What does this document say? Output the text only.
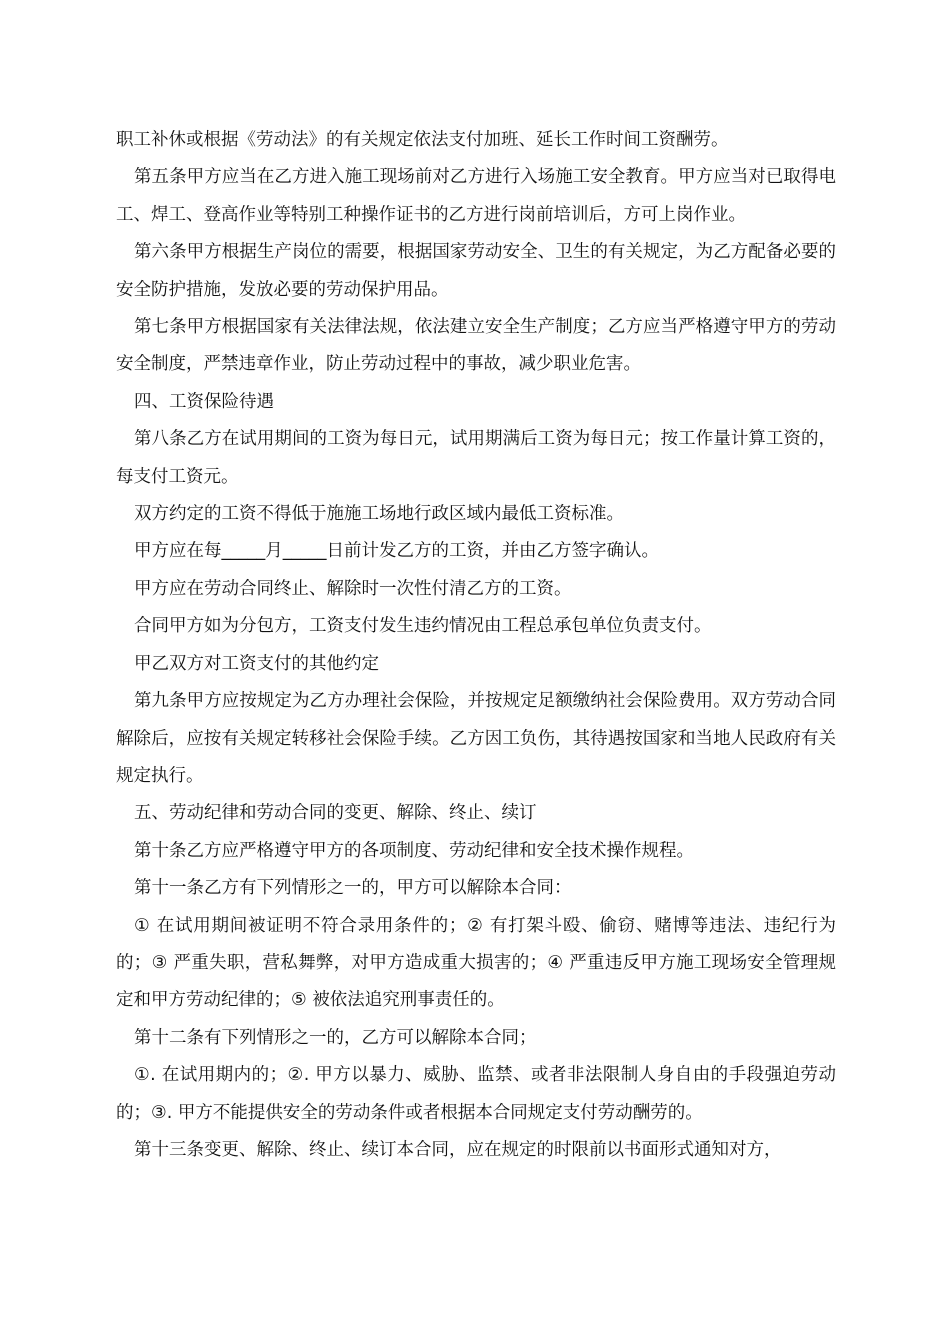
职工补休或根据《劳动法》的有关规定依法支付加班、延长工作时间工资酬劳。

第五条甲方应当在乙方进入施工现场前对乙方进行入场施工安全教育。甲方应当对已取得电工、焊工、登高作业等特别工种操作证书的乙方进行岗前培训后，方可上岗作业。

第六条甲方根据生产岗位的需要，根据国家劳动安全、卫生的有关规定，为乙方配备必要的安全防护措施，发放必要的劳动保护用品。

第七条甲方根据国家有关法律法规，依法建立安全生产制度；乙方应当严格遵守甲方的劳动安全制度，严禁违章作业，防止劳动过程中的事故，减少职业危害。

四、工资保险待遇

第八条乙方在试用期间的工资为每日元，试用期满后工资为每日元；按工作量计算工资的，每支付工资元。

双方约定的工资不得低于施施工场地行政区域内最低工资标准。

甲方应在每_____月_____日前计发乙方的工资，并由乙方签字确认。

甲方应在劳动合同终止、解除时一次性付清乙方的工资。

合同甲方如为分包方，工资支付发生违约情况由工程总承包单位负责支付。

甲乙双方对工资支付的其他约定

第九条甲方应按规定为乙方办理社会保险，并按规定足额缴纳社会保险费用。双方劳动合同解除后，应按有关规定转移社会保险手续。乙方因工负伤，其待遇按国家和当地人民政府有关规定执行。

五、劳动纪律和劳动合同的变更、解除、终止、续订

第十条乙方应严格遵守甲方的各项制度、劳动纪律和安全技术操作规程。

第十一条乙方有下列情形之一的，甲方可以解除本合同：

① 在试用期间被证明不符合录用条件的；② 有打架斗殴、偷窃、赌博等违法、违纪行为的；③ 严重失职，营私舞弊，对甲方造成重大损害的；④ 严重违反甲方施工现场安全管理规定和甲方劳动纪律的；⑤ 被依法追究刑事责任的。

第十二条有下列情形之一的，乙方可以解除本合同；

①. 在试用期内的；②. 甲方以暴力、威胁、监禁、或者非法限制人身自由的手段强迫劳动的；③. 甲方不能提供安全的劳动条件或者根据本合同规定支付劳动酬劳的。

第十三条变更、解除、终止、续订本合同，应在规定的时限前以书面形式通知对方，
